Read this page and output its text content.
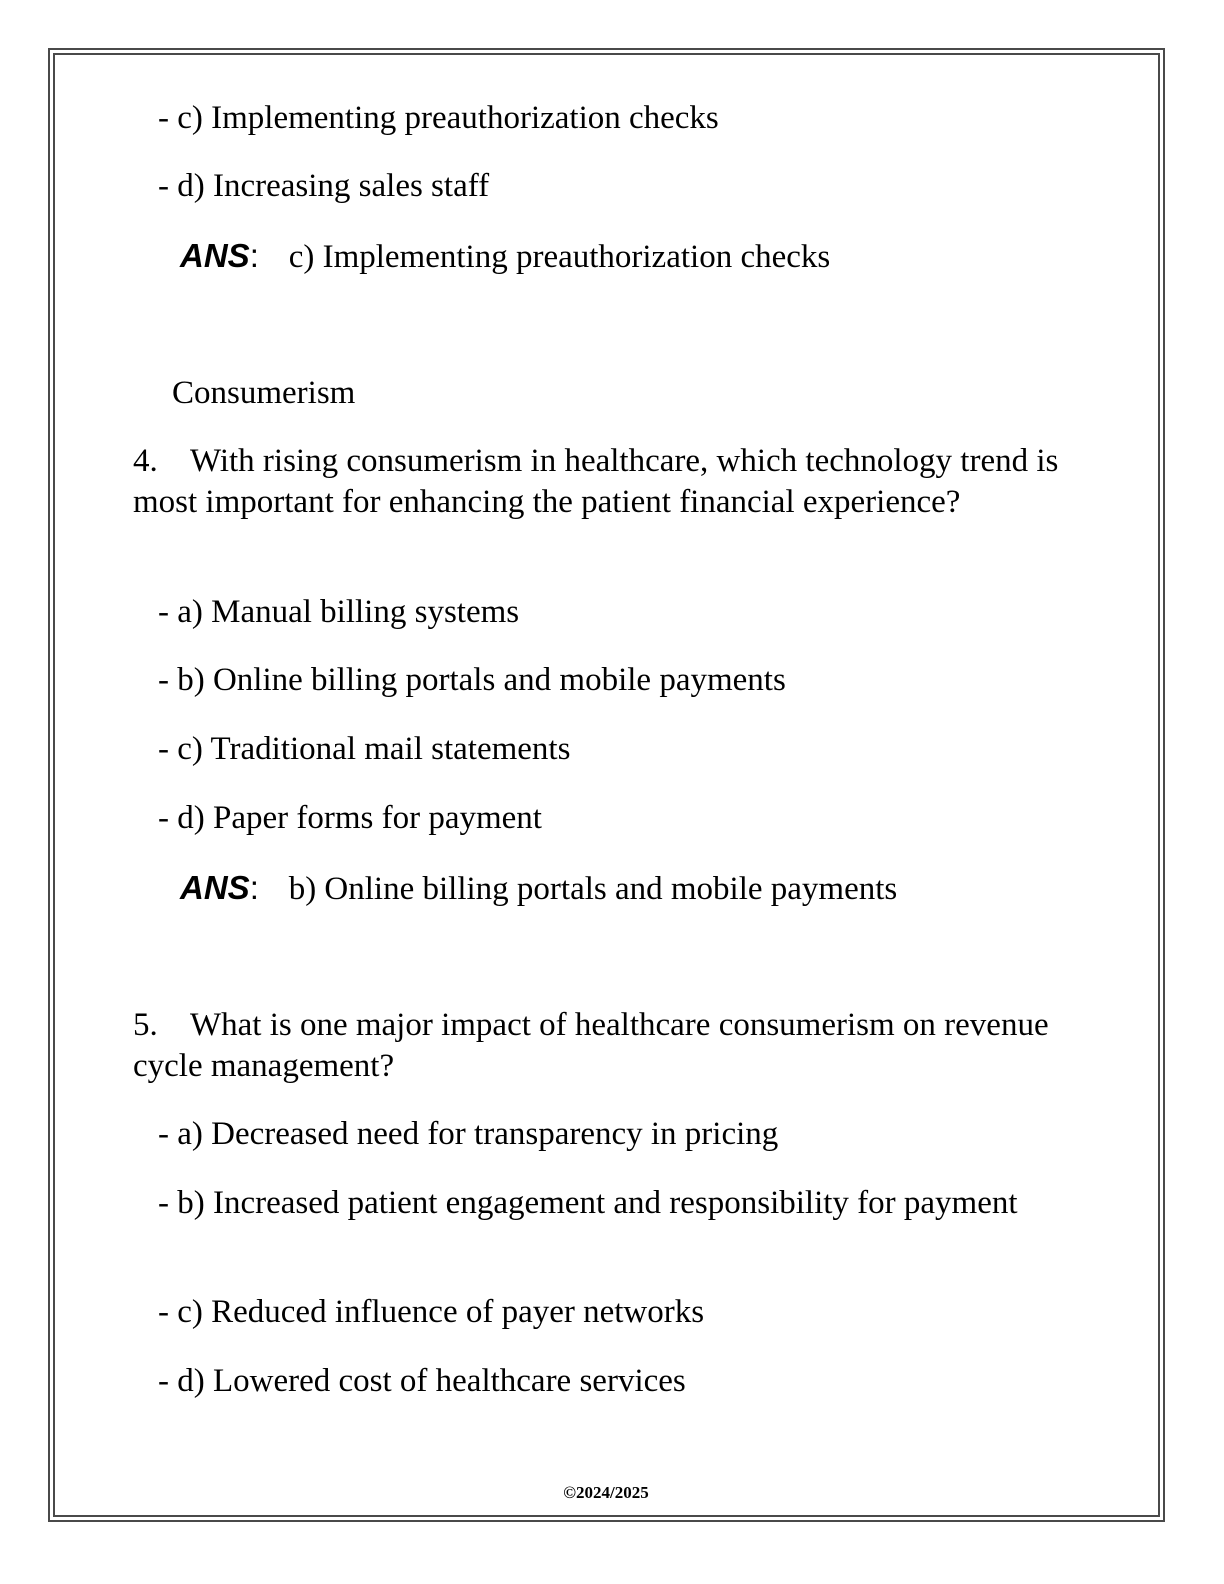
- c) Implementing preauthorization checks
- d) Increasing sales staff
ANS: c) Implementing preauthorization checks
Consumerism
4. With rising consumerism in healthcare, which technology trend is most important for enhancing the patient financial experience?
- a) Manual billing systems
- b) Online billing portals and mobile payments
- c) Traditional mail statements
- d) Paper forms for payment
ANS: b) Online billing portals and mobile payments
5. What is one major impact of healthcare consumerism on revenue cycle management?
- a) Decreased need for transparency in pricing
- b) Increased patient engagement and responsibility for payment
- c) Reduced influence of payer networks
- d) Lowered cost of healthcare services
©2024/2025
